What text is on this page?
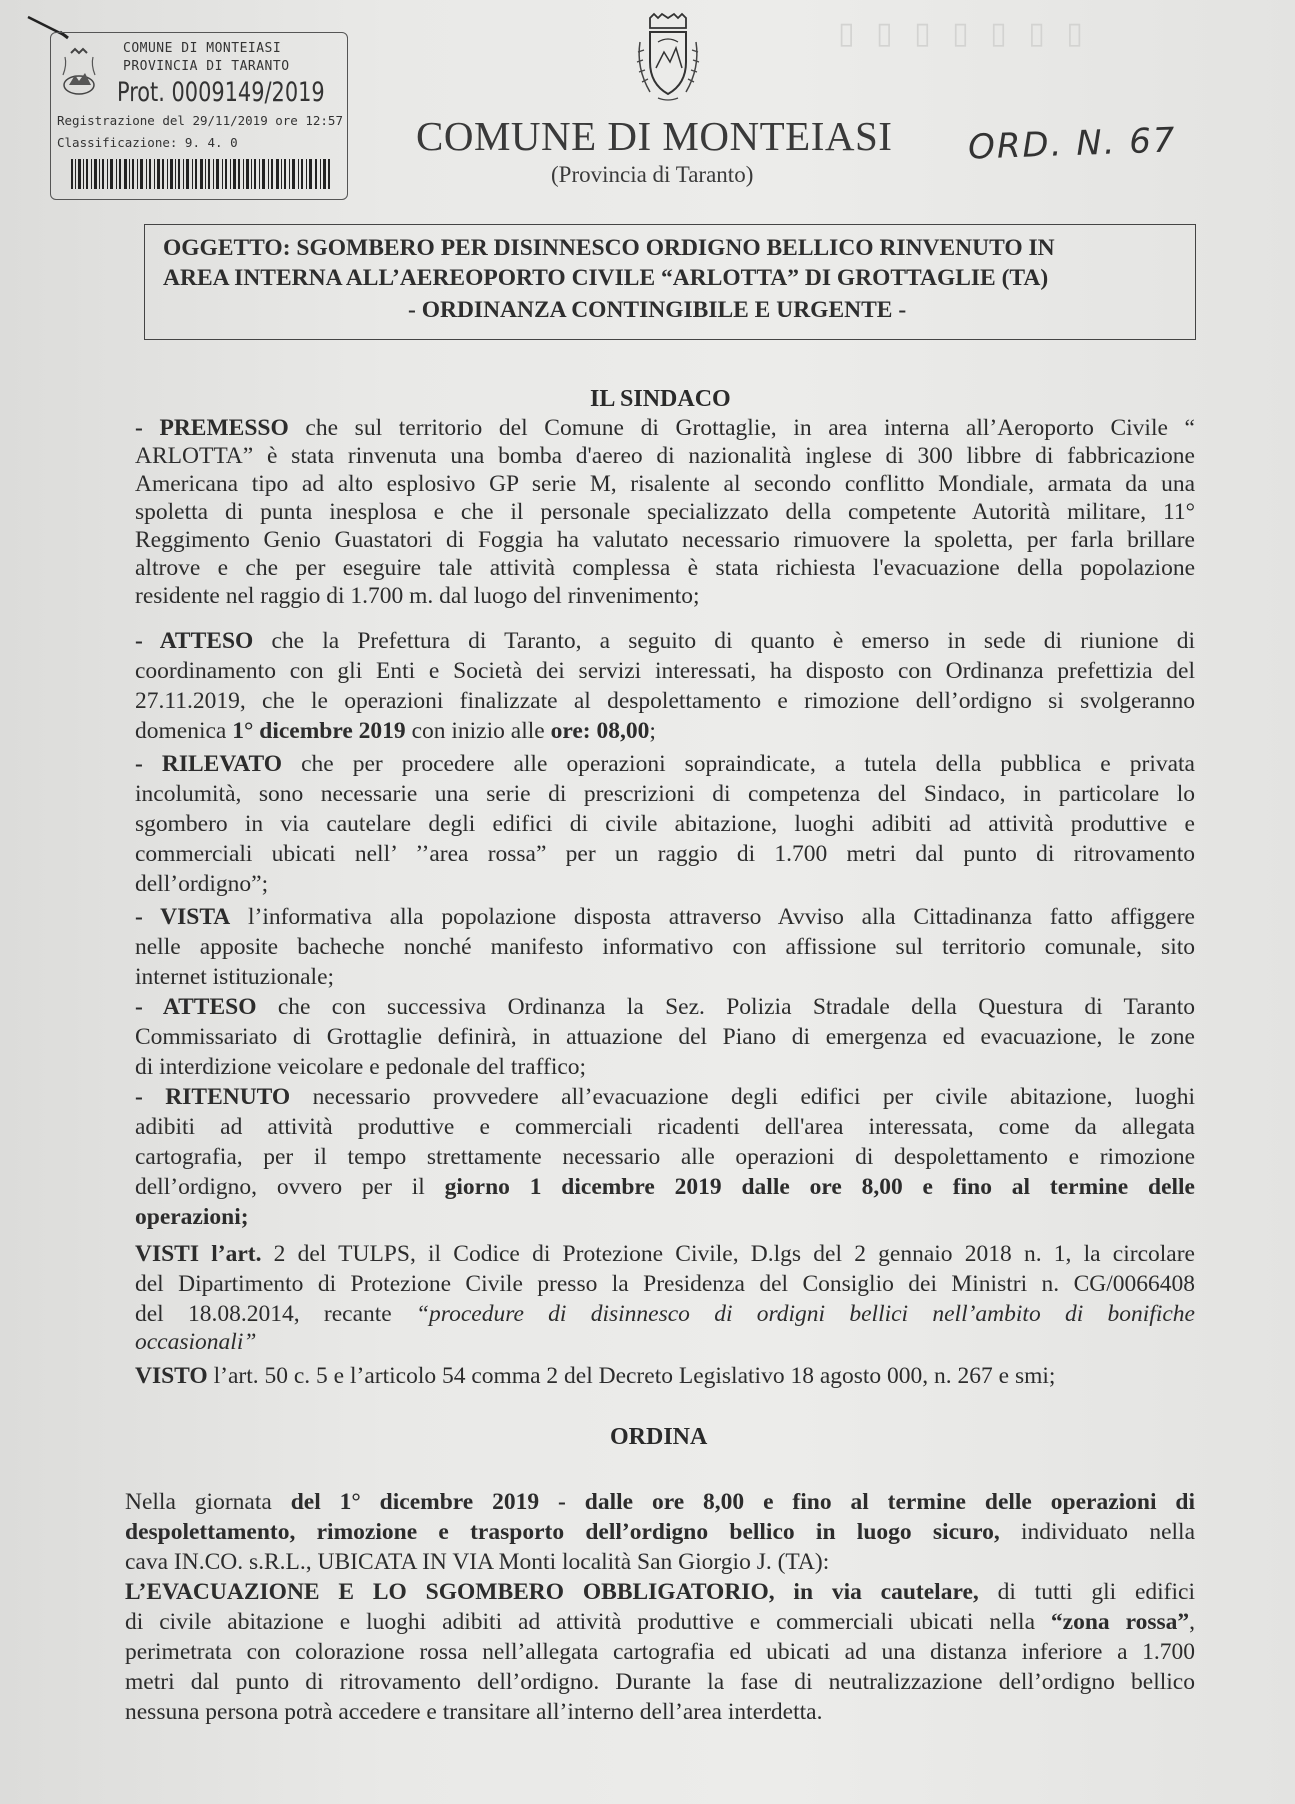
COMUNE DI MONTEIASI
PROVINCIA DI TARANTO
Prot. 0009149/2019
Registrazione del 29/11/2019 ore 12:57
Classificazione: 9. 4. 0
▯ ▯ ▯ ▯ ▯ ▯ ▯
COMUNE DI MONTEIASI
(Provincia di Taranto)
ORD. N. 67
OGGETTO: SGOMBERO PER DISINNESCO ORDIGNO BELLICO RINVENUTO IN
AREA INTERNA ALL’AEREOPORTO CIVILE “ARLOTTA” DI GROTTAGLIE (TA)
- ORDINANZA CONTINGIBILE E URGENTE -
IL SINDACO
- PREMESSO che sul territorio del Comune di Grottaglie, in area interna all’Aeroporto Civile “
ARLOTTA” è stata rinvenuta una bomba d'aereo di nazionalità inglese di 300 libbre di fabbricazione
Americana tipo ad alto esplosivo GP serie M, risalente al secondo conflitto Mondiale, armata da una
spoletta di punta inesplosa e che il personale specializzato della competente Autorità militare, 11°
Reggimento Genio Guastatori di Foggia ha valutato necessario rimuovere la spoletta, per farla brillare
altrove e che per eseguire tale attività complessa è stata richiesta l'evacuazione della popolazione
residente nel raggio di 1.700 m. dal luogo del rinvenimento;
- ATTESO che la Prefettura di Taranto, a seguito di quanto è emerso in sede di riunione di
coordinamento con gli Enti e Società dei servizi interessati, ha disposto con Ordinanza prefettizia del
27.11.2019, che le operazioni finalizzate al despolettamento e rimozione dell’ordigno si svolgeranno
domenica 1° dicembre 2019 con inizio alle ore: 08,00;
- RILEVATO che per procedere alle operazioni sopraindicate, a tutela della pubblica e privata
incolumità, sono necessarie una serie di prescrizioni di competenza del Sindaco, in particolare lo
sgombero in via cautelare degli edifici di civile abitazione, luoghi adibiti ad attività produttive e
commerciali ubicati nell’ ’’area rossa” per un raggio di 1.700 metri dal punto di ritrovamento
dell’ordigno”;
- VISTA l’informativa alla popolazione disposta attraverso Avviso alla Cittadinanza fatto affiggere
nelle apposite bacheche nonché manifesto informativo con affissione sul territorio comunale, sito
internet istituzionale;
- ATTESO che con successiva Ordinanza la Sez. Polizia Stradale della Questura di Taranto
Commissariato di Grottaglie definirà, in attuazione del Piano di emergenza ed evacuazione, le zone
di interdizione veicolare e pedonale del traffico;
- RITENUTO necessario provvedere all’evacuazione degli edifici per civile abitazione, luoghi
adibiti ad attività produttive e commerciali ricadenti dell'area interessata, come da allegata
cartografia, per il tempo strettamente necessario alle operazioni di despolettamento e rimozione
dell’ordigno, ovvero per il giorno 1 dicembre 2019 dalle ore 8,00 e fino al termine delle
operazioni;
VISTI l’art. 2 del TULPS, il Codice di Protezione Civile, D.lgs del 2 gennaio 2018 n. 1, la circolare
del Dipartimento di Protezione Civile presso la Presidenza del Consiglio dei Ministri n. CG/0066408
del 18.08.2014, recante “procedure di disinnesco di ordigni bellici nell’ambito di bonifiche
occasionali”
VISTO l’art. 50 c. 5 e l’articolo 54 comma 2 del Decreto Legislativo 18 agosto 000, n. 267 e smi;
ORDINA
Nella giornata del 1° dicembre 2019 - dalle ore 8,00 e fino al termine delle operazioni di
despolettamento, rimozione e trasporto dell’ordigno bellico in luogo sicuro, individuato nella
cava IN.CO. s.R.L., UBICATA IN VIA Monti località San Giorgio J. (TA):
L’EVACUAZIONE E LO SGOMBERO OBBLIGATORIO, in via cautelare, di tutti gli edifici
di civile abitazione e luoghi adibiti ad attività produttive e commerciali ubicati nella “zona rossa”,
perimetrata con colorazione rossa nell’allegata cartografia ed ubicati ad una distanza inferiore a 1.700
metri dal punto di ritrovamento dell’ordigno. Durante la fase di neutralizzazione dell’ordigno bellico
nessuna persona potrà accedere e transitare all’interno dell’area interdetta.
